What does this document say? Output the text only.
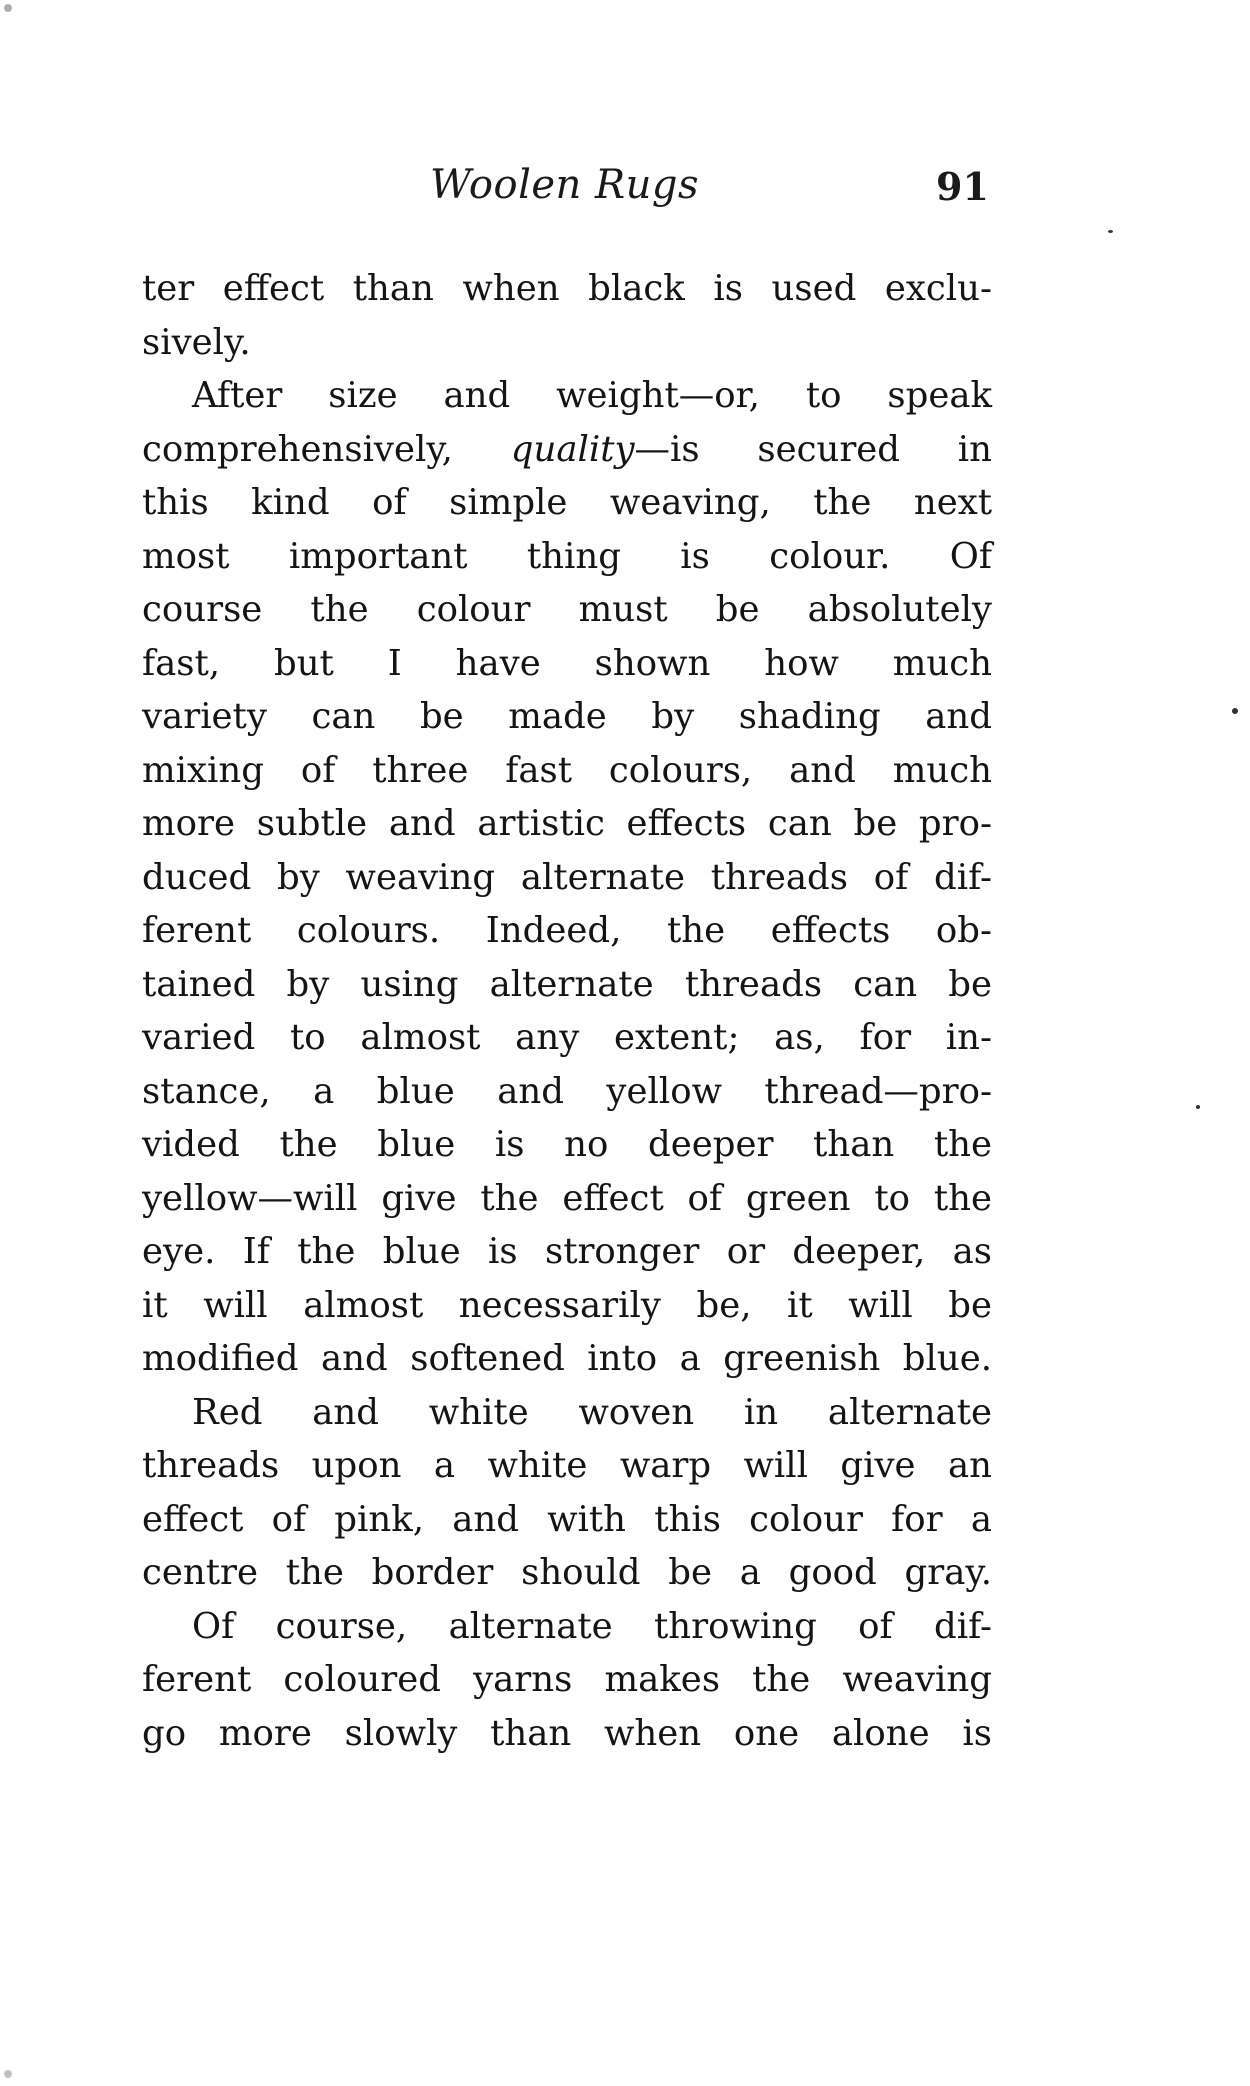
Woolen Rugs	91
ter effect than when black is used exclu-
sively.
After size and weight—or, to speak
comprehensively, quality—is secured in
this kind of simple weaving, the next
most important thing is colour. Of
course the colour must be absolutely
fast, but I have shown how much
variety can be made by shading and
mixing of three fast colours, and much
more subtle and artistic effects can be pro-
duced by weaving alternate threads of dif-
ferent colours. Indeed, the effects ob-
tained by using alternate threads can be
varied to almost any extent; as, for in-
stance, a blue and yellow thread—pro-
vided the blue is no deeper than the
yellow—will give the effect of green to the
eye. If the blue is stronger or deeper, as
it will almost necessarily be, it will be
modified and softened into a greenish blue.
Red and white woven in alternate
threads upon a white warp will give an
effect of pink, and with this colour for a
centre the border should be a good gray.
Of course, alternate throwing of dif-
ferent coloured yarns makes the weaving
go more slowly than when one alone is
